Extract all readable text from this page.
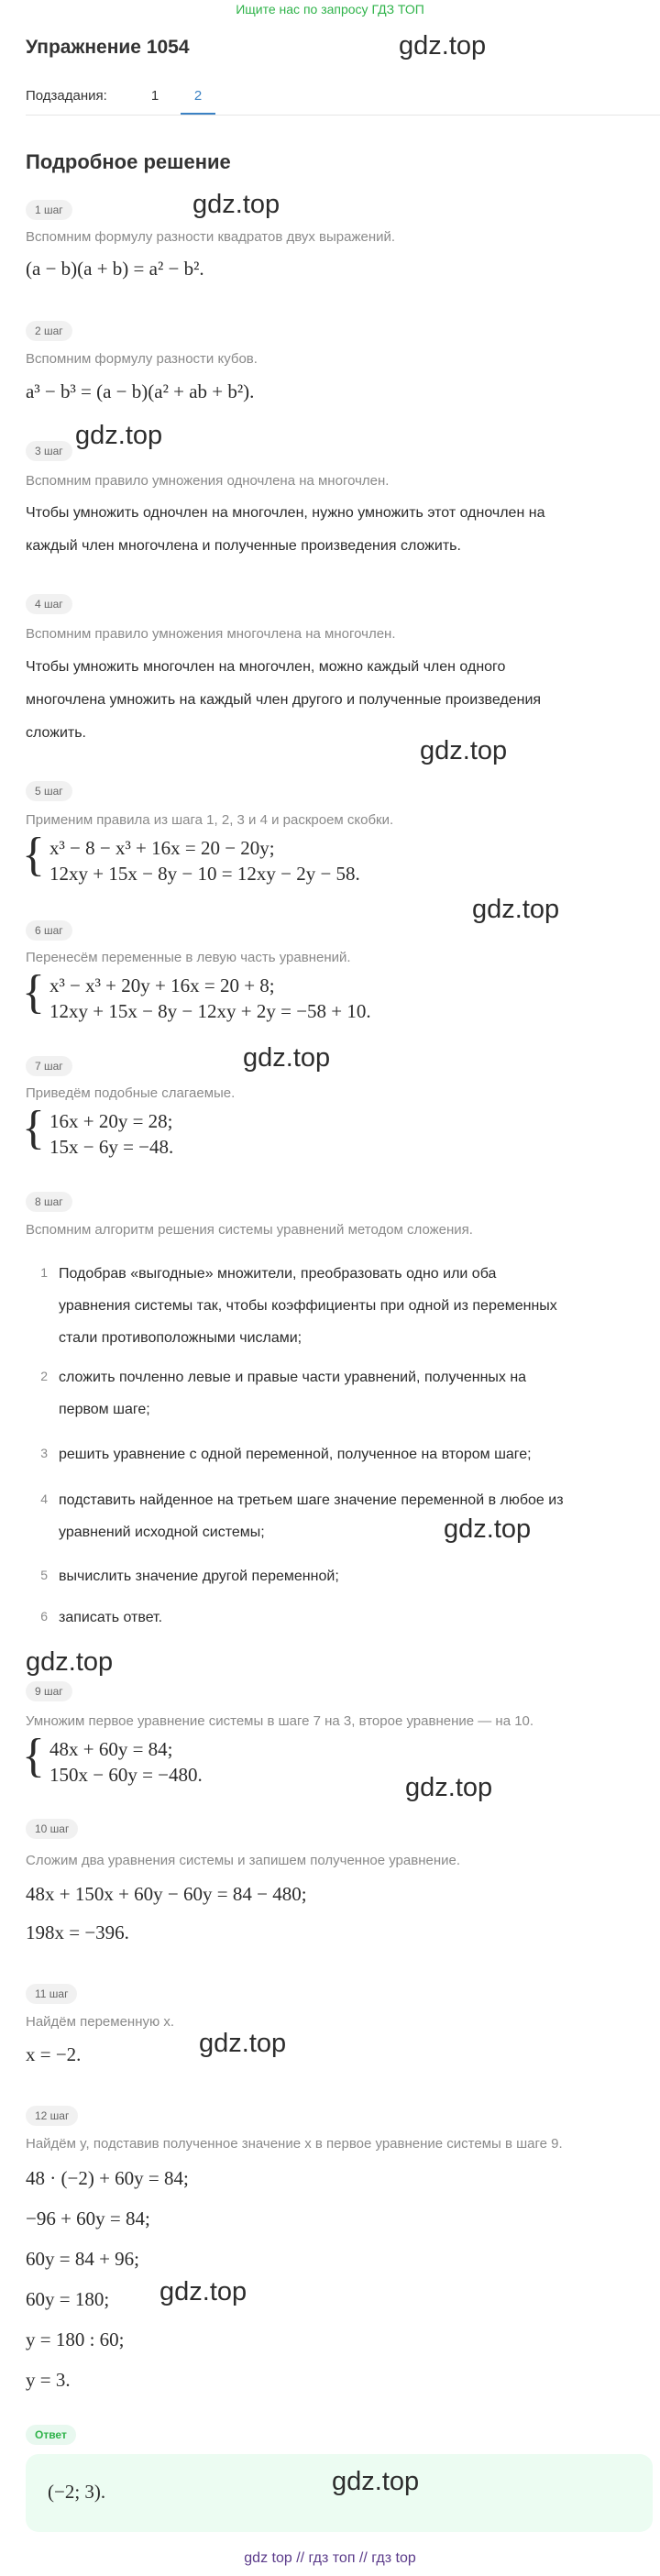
Ищите нас по запросу ГДЗ ТОП
Упражнение 1054	gdz.top
Подзадания:	1	2
Подробное решение
1 шаг	gdz.top
Вспомним формулу разности квадратов двух выражений.
(a − b)(a + b) = a² − b².
2 шаг
Вспомним формулу разности кубов.
a³ − b³ = (a − b)(a² + ab + b²).
3 шаг
gdz.top
Вспомним правило умножения одночлена на многочлен.
Чтобы умножить одночлен на многочлен, нужно умножить этот одночлен на
каждый член многочлена и полученные произведения сложить.
4 шаг
Вспомним правило умножения многочлена на многочлен.
Чтобы умножить многочлен на многочлен, можно каждый член одного
многочлена умножить на каждый член другого и полученные произведения
сложить.
gdz.top
5 шаг
Применим правила из шага 1, 2, 3 и 4 и раскроем скобки.
{ x³ − 8 − x³ + 16x = 20 − 20y;
12xy + 15x − 8y − 10 = 12xy − 2y − 58.
gdz.top
6 шаг
Перенесём переменные в левую часть уравнений.
{ x³ − x³ + 20y + 16x = 20 + 8;
12xy + 15x − 8y − 12xy + 2y = −58 + 10.
gdz.top
7 шаг
Приведём подобные слагаемые.
{ 16x + 20y = 28;
15x − 6y = −48.
8 шаг
Вспомним алгоритм решения системы уравнений методом сложения.
1 Подобрав «выгодные» множители, преобразовать одно или оба
уравнения системы так, чтобы коэффициенты при одной из переменных
стали противоположными числами;
2 сложить почленно левые и правые части уравнений, полученных на
первом шаге;
3 решить уравнение с одной переменной, полученное на втором шаге;
4 подставить найденное на третьем шаге значение переменной в любое из
уравнений исходной системы;	gdz.top
5 вычислить значение другой переменной;
6 записать ответ.
gdz.top
9 шаг
Умножим первое уравнение системы в шаге 7 на 3, второе уравнение — на 10.
{ 48x + 60y = 84;
150x − 60y = −480.	gdz.top
10 шаг
Сложим два уравнения системы и запишем полученное уравнение.
48x + 150x + 60y − 60y = 84 − 480;
198x = −396.
11 шаг
Найдём переменную x.
gdz.top
x = −2.
12 шаг
Найдём y, подставив полученное значение x в первое уравнение системы в шаге 9.
48 · (−2) + 60y = 84;
−96 + 60y = 84;
60y = 84 + 96;
gdz.top
60y = 180;
y = 180 : 60;
y = 3.
Ответ
(−2; 3).	gdz.top
gdz top // гдз топ // гдз top
